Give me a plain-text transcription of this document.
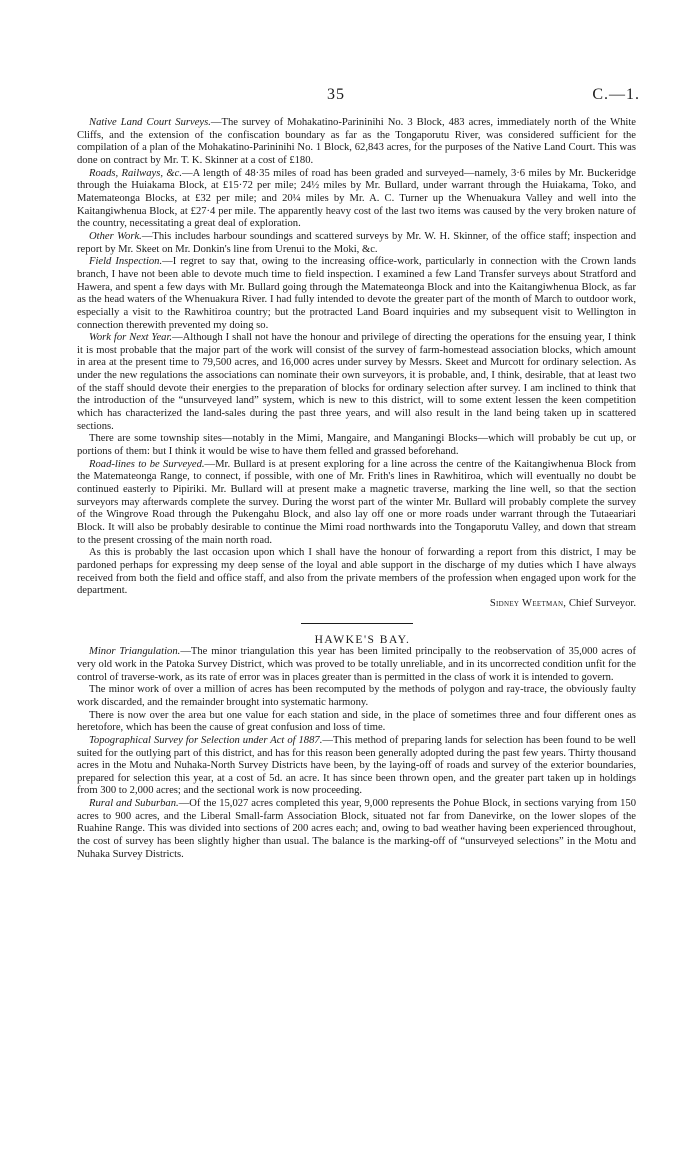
35	C.—1.

Native Land Court Surveys.—The survey of Mohakatino-Parininihi No. 3 Block, 483 acres, immediately north of the White Cliffs, and the extension of the confiscation boundary as far as the Tongaporutu River, was considered sufficient for the compilation of a plan of the Mohakatino-Parininihi No. 1 Block, 62,843 acres, for the purposes of the Native Land Court. This was done on contract by Mr. T. K. Skinner at a cost of £180.

Roads, Railways, &c.—A length of 48·35 miles of road has been graded and surveyed—namely, 3·6 miles by Mr. Buckeridge through the Huiakama Block, at £15·72 per mile; 24½ miles by Mr. Bullard, under warrant through the Huiakama, Toko, and Matemateonga Blocks, at £32 per mile; and 20¼ miles by Mr. A. C. Turner up the Whenuakura Valley and well into the Kaitangiwhenua Block, at £27·4 per mile. The apparently heavy cost of the last two items was caused by the very broken nature of the country, necessitating a great deal of exploration.

Other Work.—This includes harbour soundings and scattered surveys by Mr. W. H. Skinner, of the office staff; inspection and report by Mr. Skeet on Mr. Donkin's line from Urenui to the Moki, &c.

Field Inspection.—I regret to say that, owing to the increasing office-work, particularly in connection with the Crown lands branch, I have not been able to devote much time to field inspection. I examined a few Land Transfer surveys about Stratford and Hawera, and spent a few days with Mr. Bullard going through the Matemateonga Block and into the Kaitangiwhenua Block, as far as the head waters of the Whenuakura River. I had fully intended to devote the greater part of the month of March to outdoor work, especially a visit to the Rawhitiroa country; but the protracted Land Board inquiries and my subsequent visit to Wellington in connection therewith prevented my doing so.

Work for Next Year.—Although I shall not have the honour and privilege of directing the operations for the ensuing year, I think it is most probable that the major part of the work will consist of the survey of farm-homestead association blocks, which amount in area at the present time to 79,500 acres, and 16,000 acres under survey by Messrs. Skeet and Murcott for ordinary selection. As under the new regulations the associations can nominate their own surveyors, it is probable, and, I think, desirable, that at least two of the staff should devote their energies to the preparation of blocks for ordinary selection after survey. I am inclined to think that the introduction of the “unsurveyed land” system, which is new to this district, will to some extent lessen the keen competition which has characterized the land-sales during the past three years, and will also result in the land being taken up in scattered sections.

There are some township sites—notably in the Mimi, Mangaire, and Manganingi Blocks—which will probably be cut up, or portions of them: but I think it would be wise to have them felled and grassed beforehand.

Road-lines to be Surveyed.—Mr. Bullard is at present exploring for a line across the centre of the Kaitangiwhenua Block from the Matemateonga Range, to connect, if possible, with one of Mr. Frith's lines in Rawhitiroa, which will eventually no doubt be continued easterly to Pipiriki. Mr. Bullard will at present make a magnetic traverse, marking the line well, so that the section surveyors may afterwards complete the survey. During the worst part of the winter Mr. Bullard will probably complete the survey of the Wingrove Road through the Pukengahu Block, and also lay off one or more roads under warrant through the Tutaeariari Block. It will also be probably desirable to continue the Mimi road northwards into the Tongaporutu Valley, and down that stream to the present crossing of the main north road.

As this is probably the last occasion upon which I shall have the honour of forwarding a report from this district, I may be pardoned perhaps for expressing my deep sense of the loyal and able support in the discharge of my duties which I have always received from both the field and office staff, and also from the private members of the profession when engaged upon work for the department.

Sidney Weetman, Chief Surveyor.

HAWKE'S BAY.

Minor Triangulation.—The minor triangulation this year has been limited principally to the reobservation of 35,000 acres of very old work in the Patoka Survey District, which was proved to be totally unreliable, and in its uncorrected condition unfit for the control of traverse-work, as its rate of error was in places greater than is permitted in the class of work it is intended to govern.

The minor work of over a million of acres has been recomputed by the methods of polygon and ray-trace, the obviously faulty work discarded, and the remainder brought into systematic harmony.

There is now over the area but one value for each station and side, in the place of sometimes three and four different ones as heretofore, which has been the cause of great confusion and loss of time.

Topographical Survey for Selection under Act of 1887.—This method of preparing lands for selection has been found to be well suited for the outlying part of this district, and has for this reason been generally adopted during the past few years. Thirty thousand acres in the Motu and Nuhaka-North Survey Districts have been, by the laying-off of roads and survey of the exterior boundaries, prepared for selection this year, at a cost of 5d. an acre. It has since been thrown open, and the greater part taken up in holdings from 300 to 2,000 acres; and the sectional work is now proceeding.

Rural and Suburban.—Of the 15,027 acres completed this year, 9,000 represents the Pohue Block, in sections varying from 150 acres to 900 acres, and the Liberal Small-farm Association Block, situated not far from Danevirke, on the lower slopes of the Ruahine Range. This was divided into sections of 200 acres each; and, owing to bad weather having been experienced throughout, the cost of survey has been slightly higher than usual. The balance is the marking-off of “unsurveyed selections” in the Motu and Nuhaka Survey Districts.
